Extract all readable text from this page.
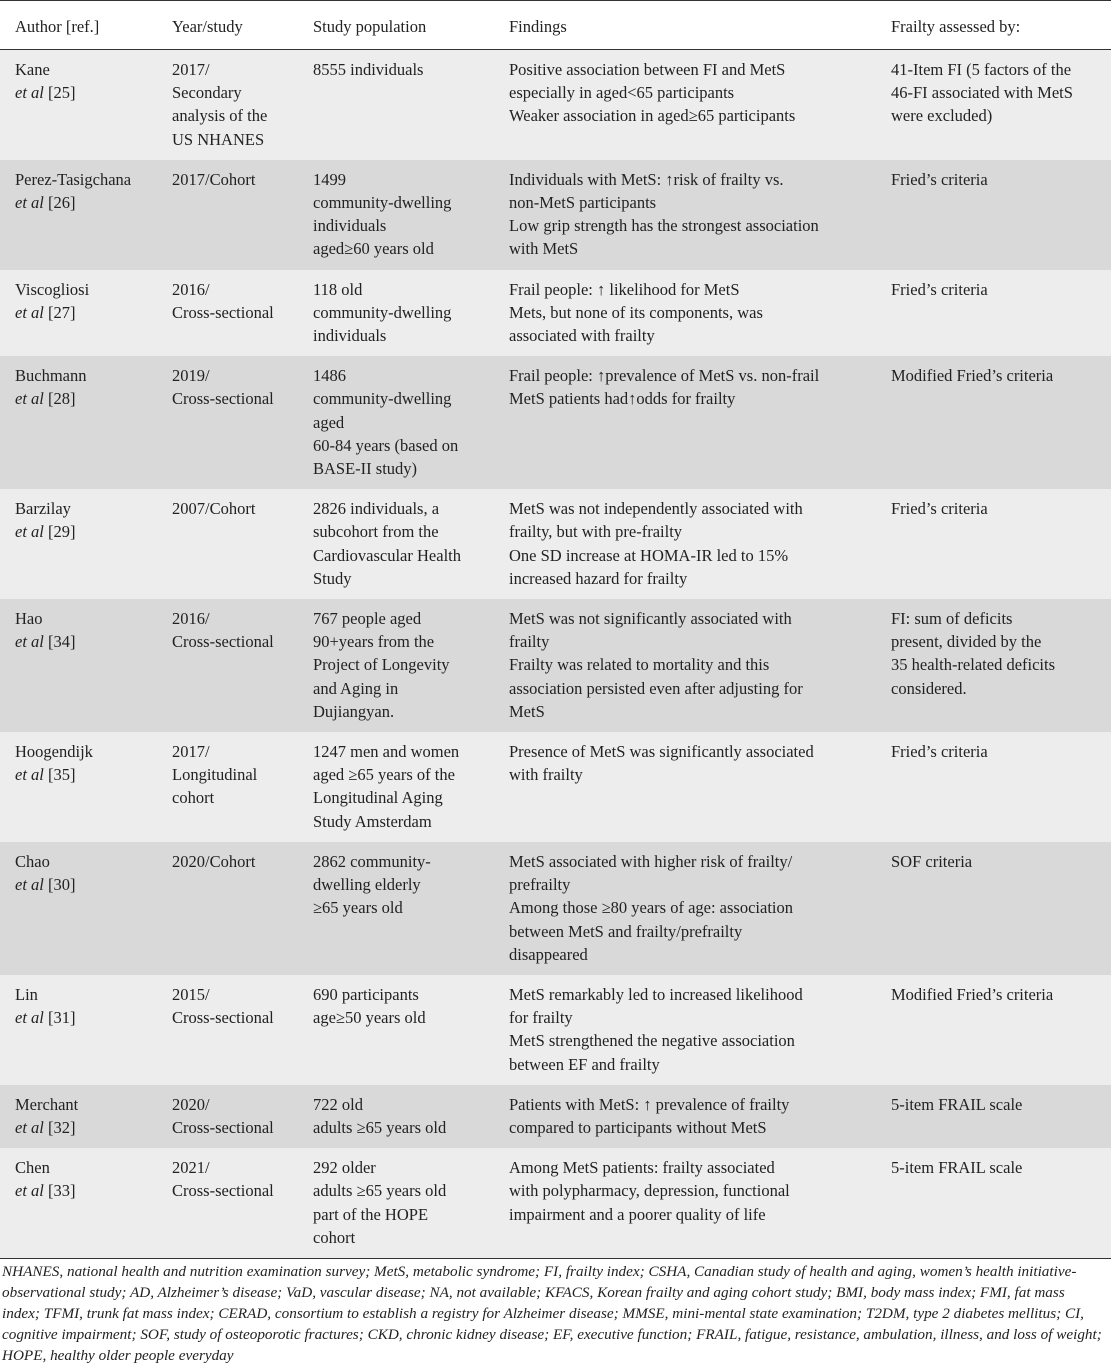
Author [ref.]	Year/study	Study population	Findings	Frailty assessed by:

Kane
et al [25]	2017/
Secondary
analysis of the
US NHANES	8555 individuals	Positive association between FI and MetS
especially in aged<65 participants
Weaker association in aged≥65 participants	41-Item FI (5 factors of the
46-FI associated with MetS
were excluded)

Perez-Tasigchana
et al [26]	2017/Cohort	1499
community-dwelling
individuals
aged≥60 years old	Individuals with MetS: ↑risk of frailty vs.
non-MetS participants
Low grip strength has the strongest association
with MetS	Fried’s criteria

Viscogliosi
et al [27]	2016/
Cross-sectional	118 old
community-dwelling
individuals	Frail people: ↑ likelihood for MetS
Mets, but none of its components, was
associated with frailty	Fried’s criteria

Buchmann
et al [28]	2019/
Cross-sectional	1486
community-dwelling
aged
60-84 years (based on
BASE-II study)	Frail people: ↑prevalence of MetS vs. non-frail
MetS patients had↑odds for frailty	Modified Fried’s criteria

Barzilay
et al [29]	2007/Cohort	2826 individuals, a
subcohort from the
Cardiovascular Health
Study	MetS was not independently associated with
frailty, but with pre-frailty
One SD increase at HOMA-IR led to 15%
increased hazard for frailty	Fried’s criteria

Hao
et al [34]	2016/
Cross-sectional	767 people aged
90+years from the
Project of Longevity
and Aging in
Dujiangyan.	MetS was not significantly associated with
frailty
Frailty was related to mortality and this
association persisted even after adjusting for
MetS	FI: sum of deficits
present, divided by the
35 health-related deficits
considered.

Hoogendijk
et al [35]	2017/
Longitudinal
cohort	1247 men and women
aged ≥65 years of the
Longitudinal Aging
Study Amsterdam	Presence of MetS was significantly associated
with frailty	Fried’s criteria

Chao
et al [30]	2020/Cohort	2862 community-
dwelling elderly
≥65 years old	MetS associated with higher risk of frailty/
prefrailty
Among those ≥80 years of age: association
between MetS and frailty/prefrailty
disappeared	SOF criteria

Lin
et al [31]	2015/
Cross-sectional	690 participants
age≥50 years old	MetS remarkably led to increased likelihood
for frailty
MetS strengthened the negative association
between EF and frailty	Modified Fried’s criteria

Merchant
et al [32]	2020/
Cross-sectional	722 old
adults ≥65 years old	Patients with MetS: ↑ prevalence of frailty
compared to participants without MetS	5-item FRAIL scale

Chen
et al [33]	2021/
Cross-sectional	292 older
adults ≥65 years old
part of the HOPE
cohort	Among MetS patients: frailty associated
with polypharmacy, depression, functional
impairment and a poorer quality of life	5-item FRAIL scale
NHANES, national health and nutrition examination survey; MetS, metabolic syndrome; FI, frailty index; CSHA, Canadian study of health and aging, women’s health initiative-observational study; AD, Alzheimer’s disease; VaD, vascular disease; NA, not available; KFACS, Korean frailty and aging cohort study; BMI, body mass index; FMI, fat mass index; TFMI, trunk fat mass index; CERAD, consortium to establish a registry for Alzheimer disease; MMSE, mini-mental state examination; T2DM, type 2 diabetes mellitus; CI, cognitive impairment; SOF, study of osteoporotic fractures; CKD, chronic kidney disease; EF, executive function; FRAIL, fatigue, resistance, ambulation, illness, and loss of weight; HOPE, healthy older people everyday
